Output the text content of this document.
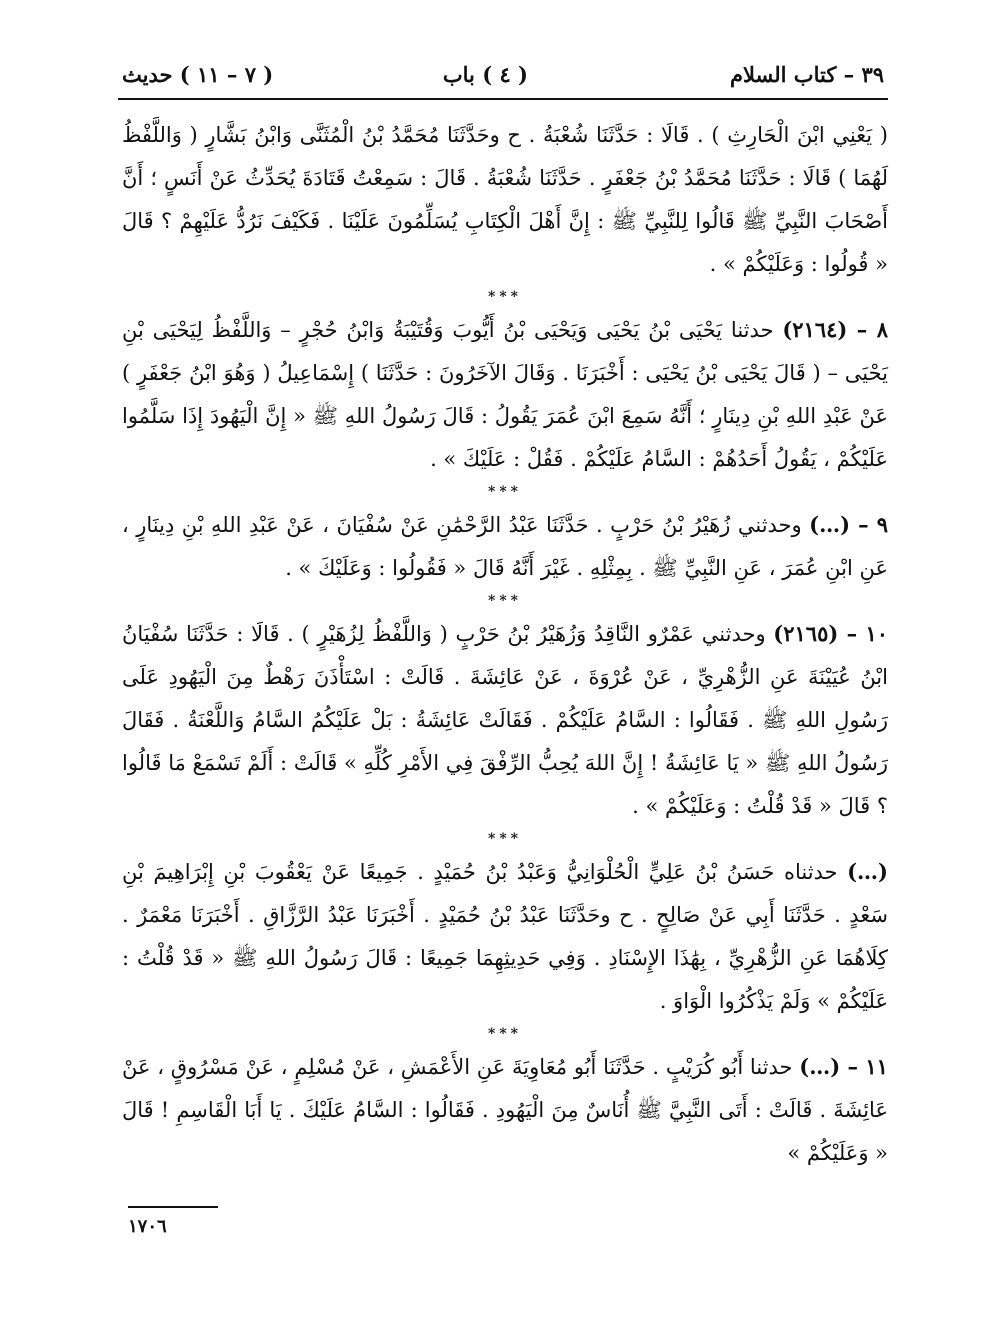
٣٩ – كتاب السلام
( ٤ ) باب
( ٧ – ١١ ) حديث

( يَعْنِي ابْنَ الْحَارِثِ ) . قَالَا : حَدَّثَنَا شُعْبَةُ . ح وحَدَّثَنَا مُحَمَّدُ بْنُ الْمُثَنَّى وَابْنُ بَشَّارٍ ( وَاللَّفْظُ لَهُمَا ) قَالَا : حَدَّثَنَا مُحَمَّدُ بْنُ جَعْفَرٍ . حَدَّثَنَا شُعْبَةُ . قَالَ : سَمِعْتُ قَتَادَةَ يُحَدِّثُ عَنْ أَنَسٍ ؛ أَنَّ أَصْحَابَ النَّبِيِّ ﷺ قَالُوا لِلنَّبِيِّ ﷺ : إِنَّ أَهْلَ الْكِتَابِ يُسَلِّمُونَ عَلَيْنَا . فَكَيْفَ نَرُدُّ عَلَيْهِمْ ؟ قَالَ « قُولُوا : وَعَلَيْكُمْ » .

***

٨ – (٢١٦٤) حدثنا يَحْيَى بْنُ يَحْيَى وَيَحْيَى بْنُ أَيُّوبَ وَقُتَيْبَةُ وَابْنُ حُجْرٍ – وَاللَّفْظُ لِيَحْيَى بْنِ يَحْيَى – ( قَالَ يَحْيَى بْنُ يَحْيَى : أَخْبَرَنَا . وَقَالَ الآخَرُونَ : حَدَّثَنَا ) إِسْمَاعِيلُ ( وَهُوَ ابْنُ جَعْفَرٍ ) عَنْ عَبْدِ اللهِ بْنِ دِينَارٍ ؛ أَنَّهُ سَمِعَ ابْنَ عُمَرَ يَقُولُ : قَالَ رَسُولُ اللهِ ﷺ « إِنَّ الْيَهُودَ إِذَا سَلَّمُوا عَلَيْكُمْ ، يَقُولُ أَحَدُهُمْ : السَّامُ عَلَيْكُمْ . فَقُلْ : عَلَيْكَ » .

***

٩ – (…) وحدثني زُهَيْرُ بْنُ حَرْبٍ . حَدَّثَنَا عَبْدُ الرَّحْمَٰنِ عَنْ سُفْيَانَ ، عَنْ عَبْدِ اللهِ بْنِ دِينَارٍ ، عَنِ ابْنِ عُمَرَ ، عَنِ النَّبِيِّ ﷺ . بِمِثْلِهِ . غَيْرَ أَنَّهُ قَالَ « فَقُولُوا : وَعَلَيْكَ » .

***

١٠ – (٢١٦٥) وحدثني عَمْرٌو النَّاقِدُ وَزُهَيْرُ بْنُ حَرْبٍ ( وَاللَّفْظُ لِزُهَيْرٍ ) . قَالَا : حَدَّثَنَا سُفْيَانُ ابْنُ عُيَيْنَةَ عَنِ الزُّهْرِيِّ ، عَنْ عُرْوَةَ ، عَنْ عَائِشَةَ . قَالَتْ : اسْتَأْذَنَ رَهْطٌ مِنَ الْيَهُودِ عَلَى رَسُولِ اللهِ ﷺ . فَقَالُوا : السَّامُ عَلَيْكُمْ . فَقَالَتْ عَائِشَةُ : بَلْ عَلَيْكُمُ السَّامُ وَاللَّعْنَةُ . فَقَالَ رَسُولُ اللهِ ﷺ « يَا عَائِشَةُ ! إِنَّ اللهَ يُحِبُّ الرِّفْقَ فِي الأَمْرِ كُلِّهِ » قَالَتْ : أَلَمْ تَسْمَعْ مَا قَالُوا ؟ قَالَ « قَدْ قُلْتُ : وَعَلَيْكُمْ » .

***

(…) حدثناه حَسَنُ بْنُ عَلِيٍّ الْحُلْوَانِيُّ وَعَبْدُ بْنُ حُمَيْدٍ . جَمِيعًا عَنْ يَعْقُوبَ بْنِ إِبْرَاهِيمَ بْنِ سَعْدٍ . حَدَّثَنَا أَبِي عَنْ صَالِحٍ . ح وحَدَّثَنَا عَبْدُ بْنُ حُمَيْدٍ . أَخْبَرَنَا عَبْدُ الرَّزَّاقِ . أَخْبَرَنَا مَعْمَرٌ . كِلَاهُمَا عَنِ الزُّهْرِيِّ ، بِهَٰذَا الإِسْنَادِ . وَفِي حَدِيثِهِمَا جَمِيعًا : قَالَ رَسُولُ اللهِ ﷺ « قَدْ قُلْتُ : عَلَيْكُمْ » وَلَمْ يَذْكُرُوا الْوَاوَ .

***

١١ – (…) حدثنا أَبُو كُرَيْبٍ . حَدَّثَنَا أَبُو مُعَاوِيَةَ عَنِ الأَعْمَشِ ، عَنْ مُسْلِمٍ ، عَنْ مَسْرُوقٍ ، عَنْ عَائِشَةَ . قَالَتْ : أَتَى النَّبِيَّ ﷺ أُنَاسٌ مِنَ الْيَهُودِ . فَقَالُوا : السَّامُ عَلَيْكَ . يَا أَبَا الْقَاسِمِ ! قَالَ « وَعَلَيْكُمْ »

١٧٠٦
